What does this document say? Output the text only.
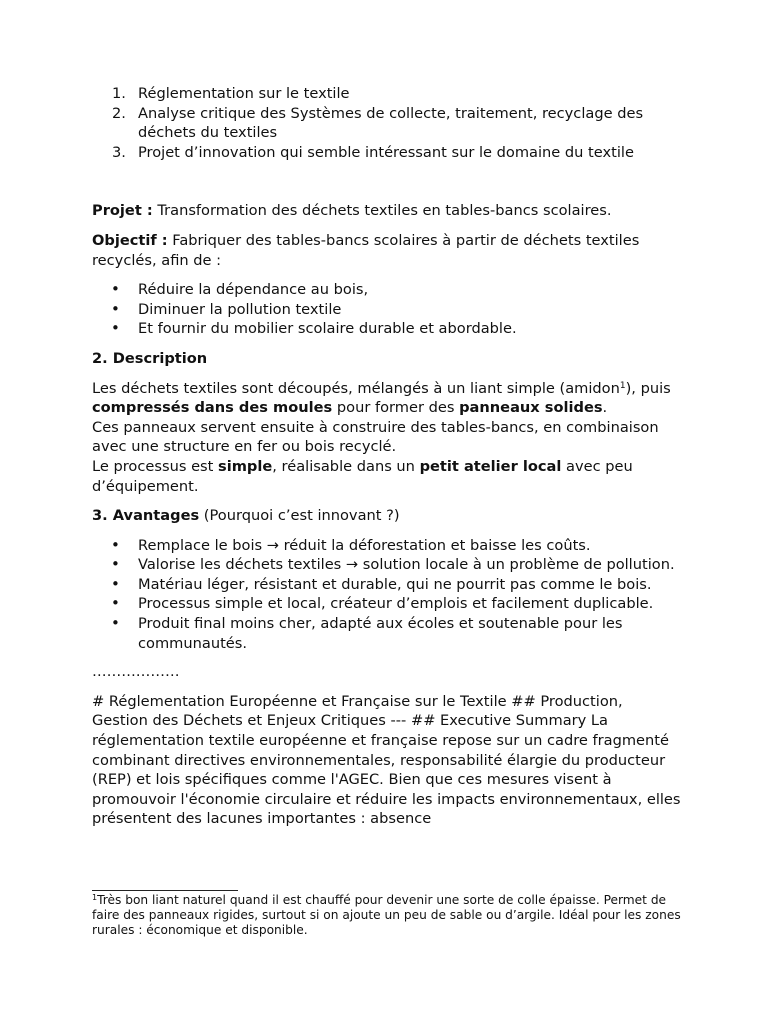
1. Réglementation sur le textile
2. Analyse critique des Systèmes de collecte, traitement, recyclage des déchets du textiles
3. Projet d’innovation qui semble intéressant sur le domaine du textile

Projet : Transformation des déchets textiles en tables-bancs scolaires.

Objectif : Fabriquer des tables-bancs scolaires à partir de déchets textiles recyclés, afin de :

• Réduire la dépendance au bois,
• Diminuer la pollution textile
• Et fournir du mobilier scolaire durable et abordable.

2. Description

Les déchets textiles sont découpés, mélangés à un liant simple (amidon$^1$), puis compressés dans des moules pour former des panneaux solides.
Ces panneaux servent ensuite à construire des tables-bancs, en combinaison avec une structure en fer ou bois recyclé.
Le processus est simple, réalisable dans un petit atelier local avec peu d’équipement.

3. Avantages (Pourquoi c’est innovant ?)

• Remplace le bois → réduit la déforestation et baisse les coûts.
• Valorise les déchets textiles → solution locale à un problème de pollution.
• Matériau léger, résistant et durable, qui ne pourrit pas comme le bois.
• Processus simple et local, créateur d’emplois et facilement duplicable.
• Produit final moins cher, adapté aux écoles et soutenable pour les communautés.

………………

# Réglementation Européenne et Française sur le Textile ## Production, Gestion des Déchets et Enjeux Critiques --- ## Executive Summary La réglementation textile européenne et française repose sur un cadre fragmenté combinant directives environnementales, responsabilité élargie du producteur (REP) et lois spécifiques comme l'AGEC. Bien que ces mesures visent à promouvoir l'économie circulaire et réduire les impacts environnementaux, elles présentent des lacunes importantes : absence

$^1$Très bon liant naturel quand il est chauffé pour devenir une sorte de colle épaisse. Permet de faire des panneaux rigides, surtout si on ajoute un peu de sable ou d’argile. Idéal pour les zones rurales : économique et disponible.
